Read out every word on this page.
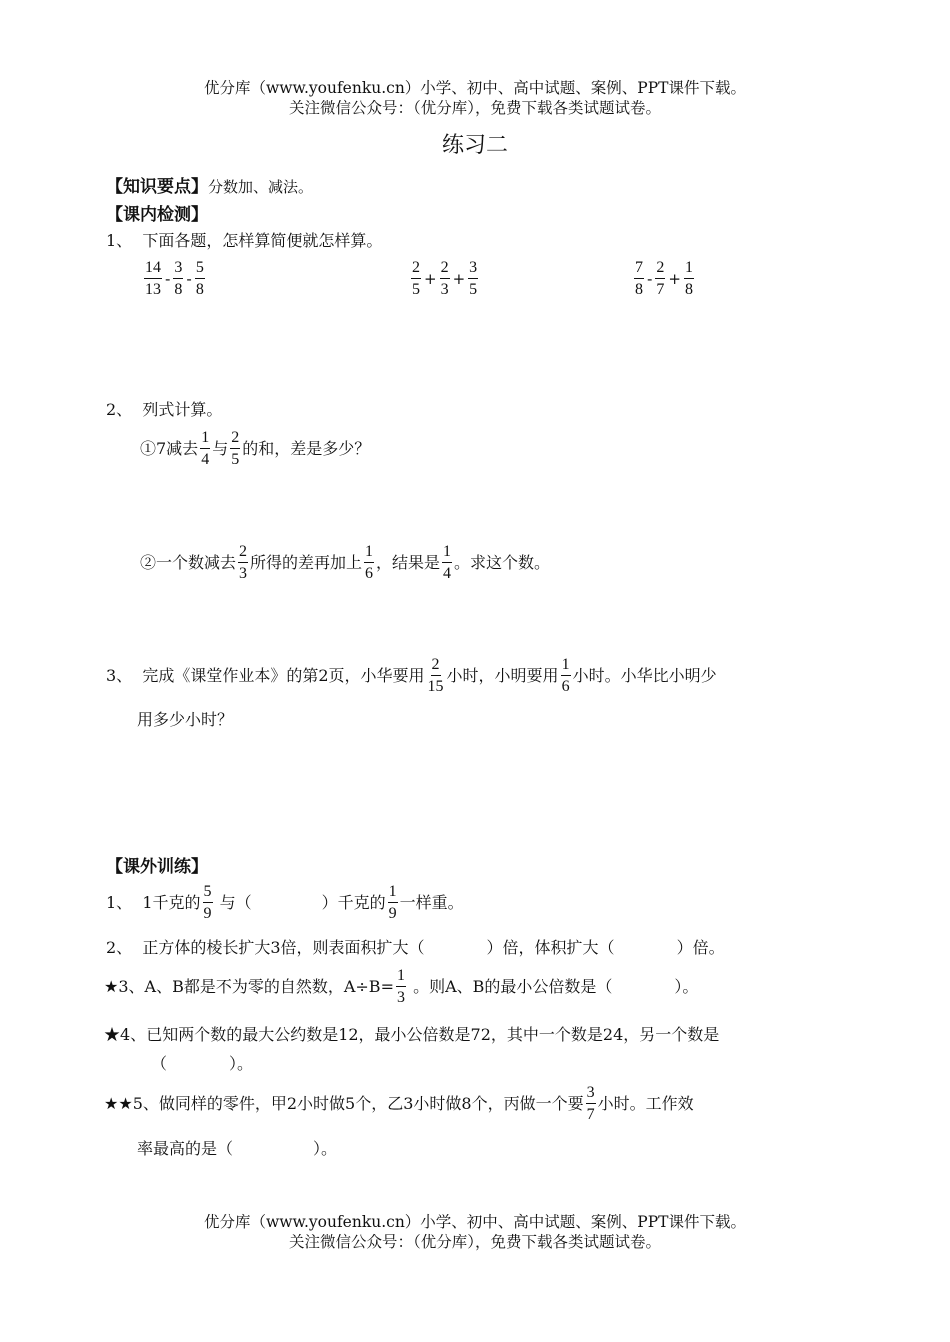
优分库（www.youfenku.cn）小学、初中、高中试题、案例、PPT课件下载。
关注微信公众号：（优分库），免费下载各类试题试卷。
练习二
【知识要点】分数加、减法。
【课内检测】
1、 下面各题，怎样算简便就怎样算。
$\frac{14}{13} - \frac{3}{8} - \frac{5}{8}$	$\frac{2}{5} + \frac{2}{3} + \frac{3}{5}$	$\frac{7}{8} - \frac{2}{7} + \frac{1}{8}$
2、 列式计算。
①7减去 $\frac{1}{4}$ 与 $\frac{2}{5}$ 的和，差是多少？
②一个数减去 $\frac{2}{3}$ 所得的差再加上 $\frac{1}{6}$ ，结果是 $\frac{1}{4}$ 。求这个数。
3、
完成《课堂作业本》的第2页，小华要用 $\frac{2}{15}$ 小时，小明要用 $\frac{1}{6}$ 小时。小华比小明少
用多少小时？
【课外训练】
1、
1千克的 $\frac{5}{9}$
与（	）千克的 $\frac{1}{9}$ 一样重。
2、 正方体的棱长扩大3倍，则表面积扩大（	）倍，体积扩大（	）倍。
★3、 A、B都是不为零的自然数，$A\div B= \frac{1}{3}$
。则A、B的最小公倍数是（	）。
★4、已知两个数的最大公约数是12，最小公倍数是72，其中一个数是24，另一个数是
（	）。
★★5、 做同样的零件，甲2小时做5个，乙3小时做8个，丙做一个要 $\frac{3}{7}$ 小时。工作效
率最高的是（	）。
优分库（www.youfenku.cn）小学、初中、高中试题、案例、PPT课件下载。
关注微信公众号：（优分库），免费下载各类试题试卷。
